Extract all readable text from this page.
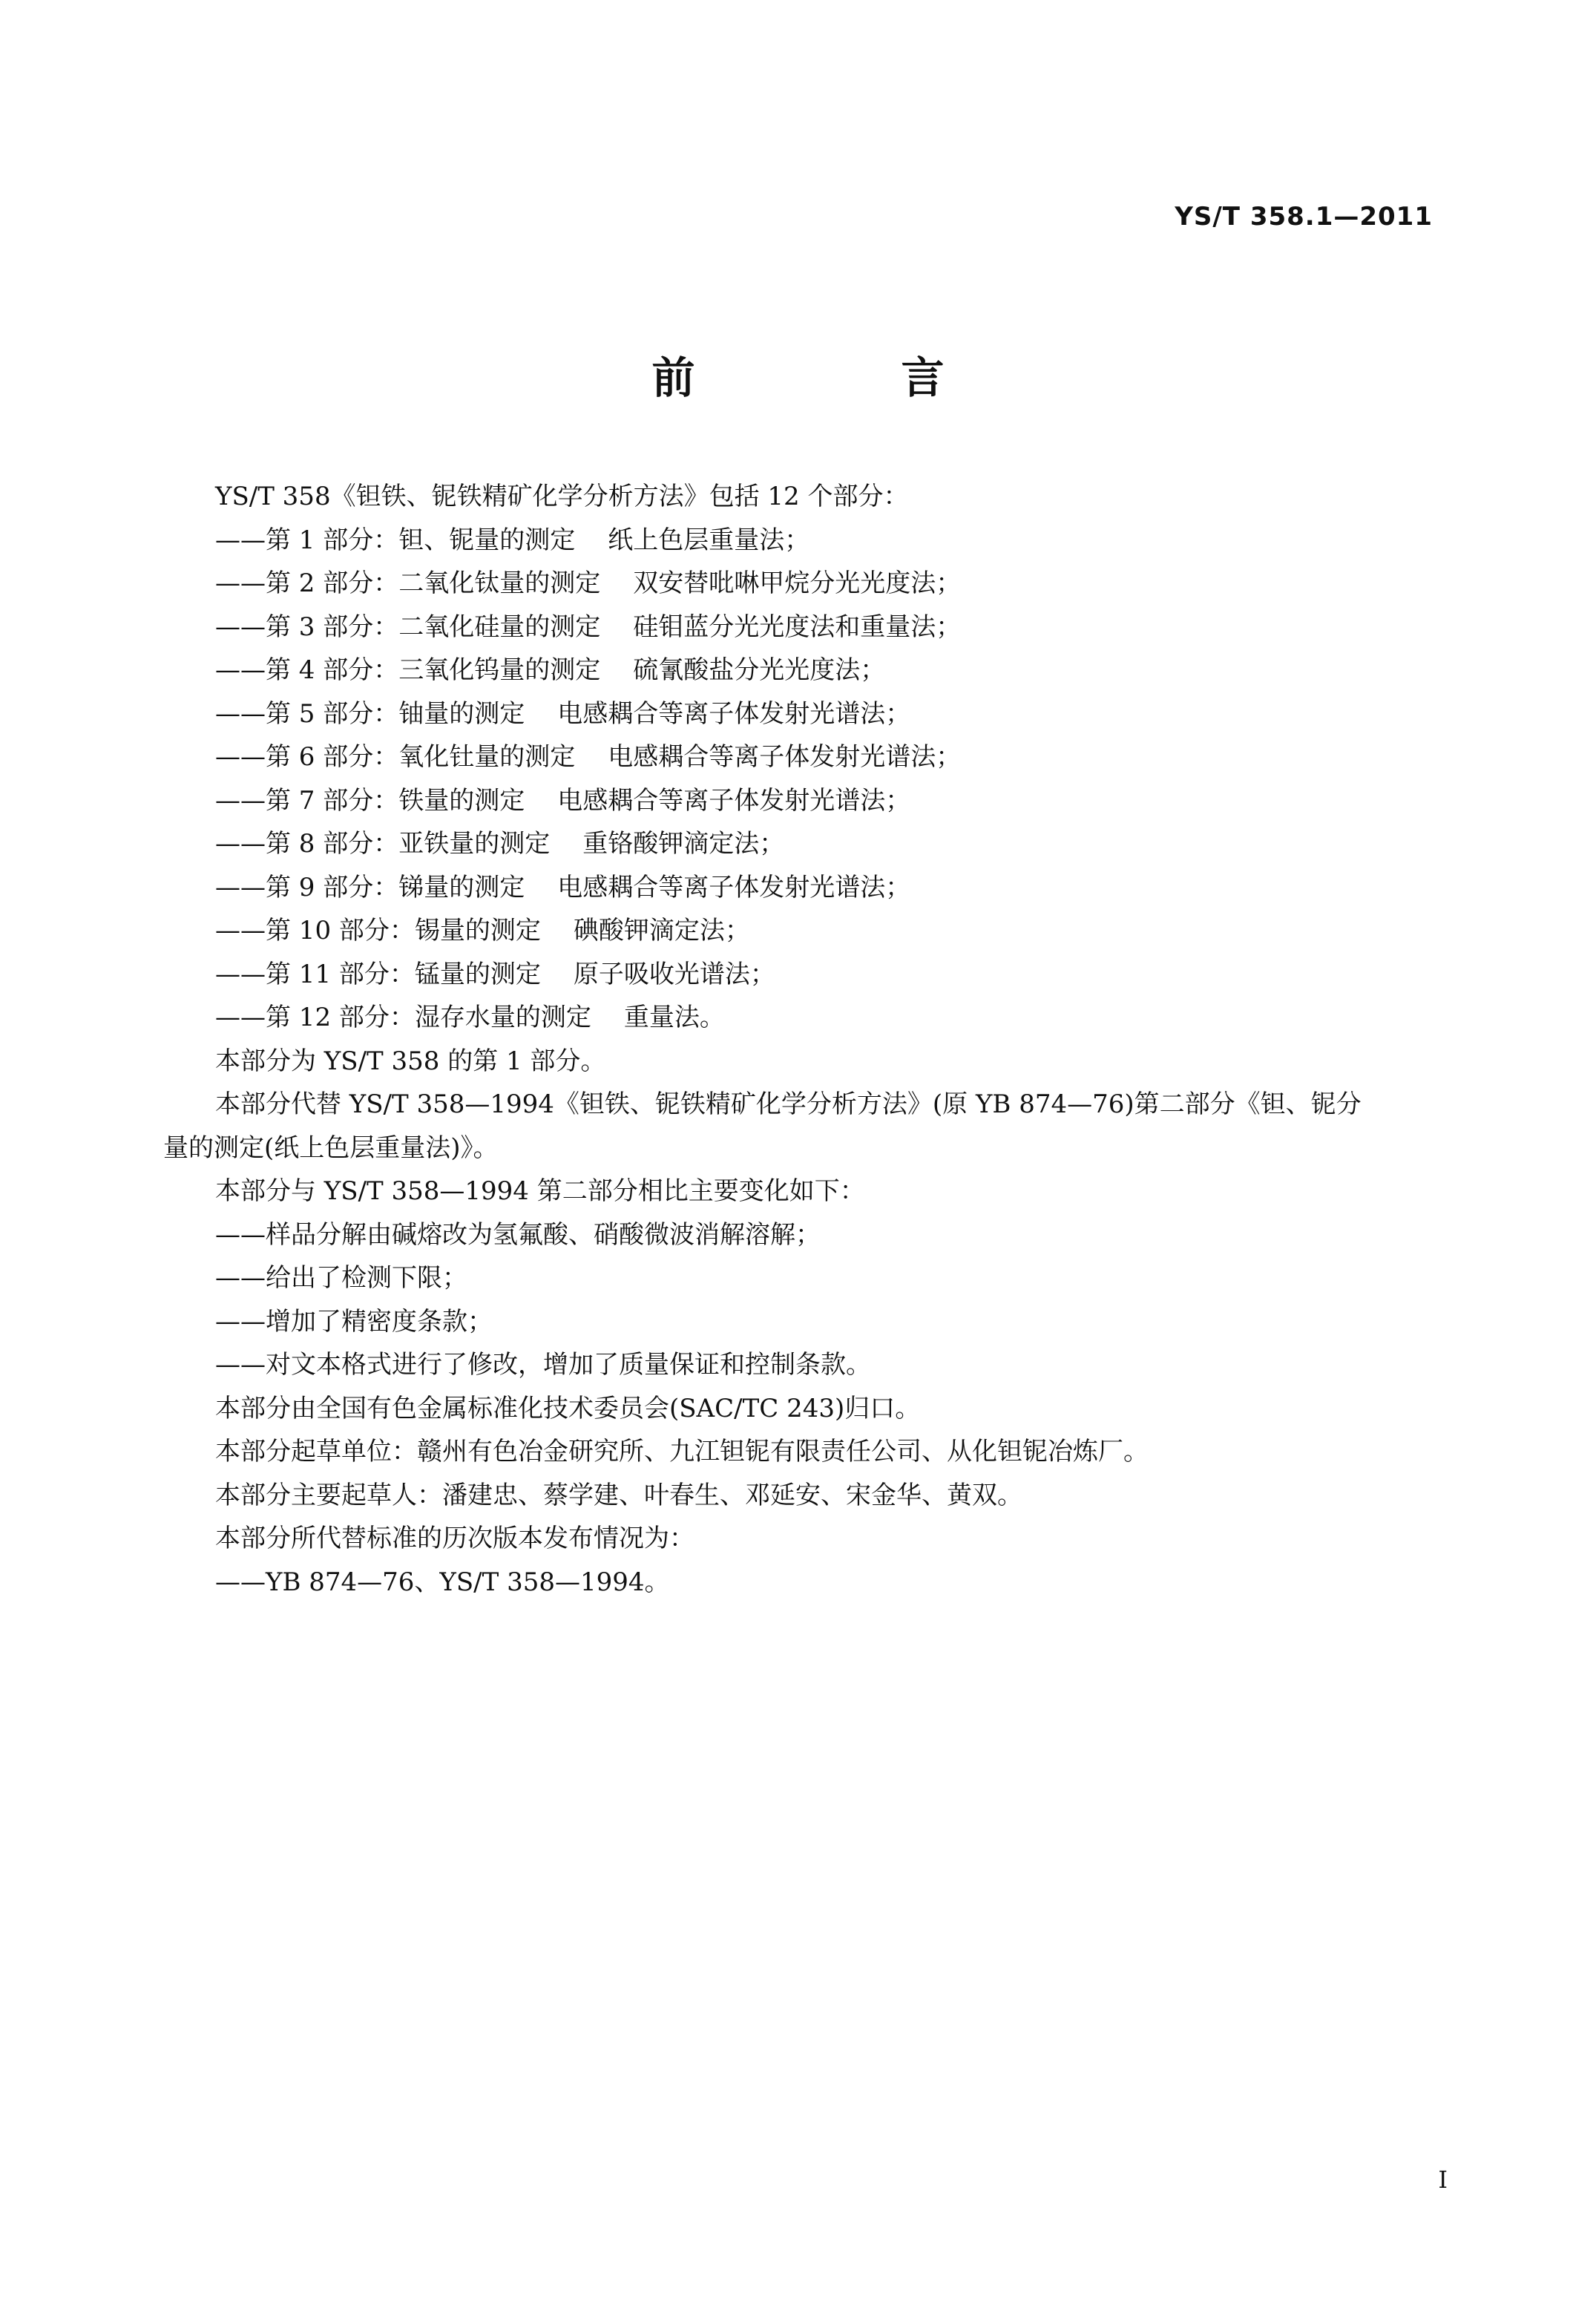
YS/T 358.1—2011
前　言
YS/T 358《钽铁、铌铁精矿化学分析方法》包括 12 个部分：
——第 1 部分：钽、铌量的测定 纸上色层重量法；
——第 2 部分：二氧化钛量的测定 双安替吡啉甲烷分光光度法；
——第 3 部分：二氧化硅量的测定 硅钼蓝分光光度法和重量法；
——第 4 部分：三氧化钨量的测定 硫氰酸盐分光光度法；
——第 5 部分：铀量的测定 电感耦合等离子体发射光谱法；
——第 6 部分：氧化钍量的测定 电感耦合等离子体发射光谱法；
——第 7 部分：铁量的测定 电感耦合等离子体发射光谱法；
——第 8 部分：亚铁量的测定 重铬酸钾滴定法；
——第 9 部分：锑量的测定 电感耦合等离子体发射光谱法；
——第 10 部分：锡量的测定 碘酸钾滴定法；
——第 11 部分：锰量的测定 原子吸收光谱法；
——第 12 部分：湿存水量的测定 重量法。
本部分为 YS/T 358 的第 1 部分。
本部分代替 YS/T 358—1994《钽铁、铌铁精矿化学分析方法》(原 YB 874—76)第二部分《钽、铌分
量的测定(纸上色层重量法)》。
本部分与 YS/T 358—1994 第二部分相比主要变化如下：
——样品分解由碱熔改为氢氟酸、硝酸微波消解溶解；
——给出了检测下限；
——增加了精密度条款；
——对文本格式进行了修改，增加了质量保证和控制条款。
本部分由全国有色金属标准化技术委员会(SAC/TC 243)归口。
本部分起草单位：赣州有色冶金研究所、九江钽铌有限责任公司、从化钽铌冶炼厂。
本部分主要起草人：潘建忠、蔡学建、叶春生、邓延安、宋金华、黄双。
本部分所代替标准的历次版本发布情况为：
——YB 874—76、YS/T 358—1994。
I
